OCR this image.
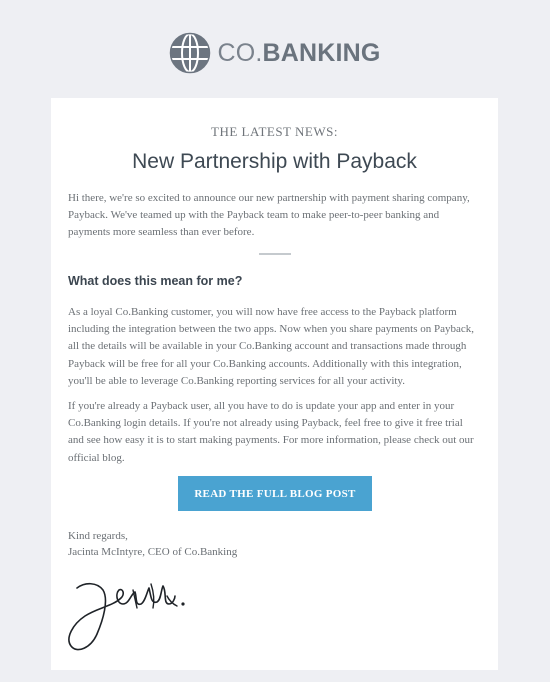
CO.BANKING
THE LATEST NEWS:
New Partnership with Payback

Hi there, we're so excited to announce our new partnership with payment sharing company, Payback. We've teamed up with the Payback team to make peer-to-peer banking and payments more seamless than ever before.

What does this mean for me?

As a loyal Co.Banking customer, you will now have free access to the Payback platform including the integration between the two apps. Now when you share payments on Payback, all the details will be available in your Co.Banking account and transactions made through Payback will be free for all your Co.Banking accounts. Additionally with this integration, you'll be able to leverage Co.Banking reporting services for all your activity.

If you're already a Payback user, all you have to do is update your app and enter in your Co.Banking login details. If you're not already using Payback, feel free to give it free trial and see how easy it is to start making payments. For more information, please check out our official blog.

READ THE FULL BLOG POST
Kind regards,
Jacinta McIntyre, CEO of Co.Banking
